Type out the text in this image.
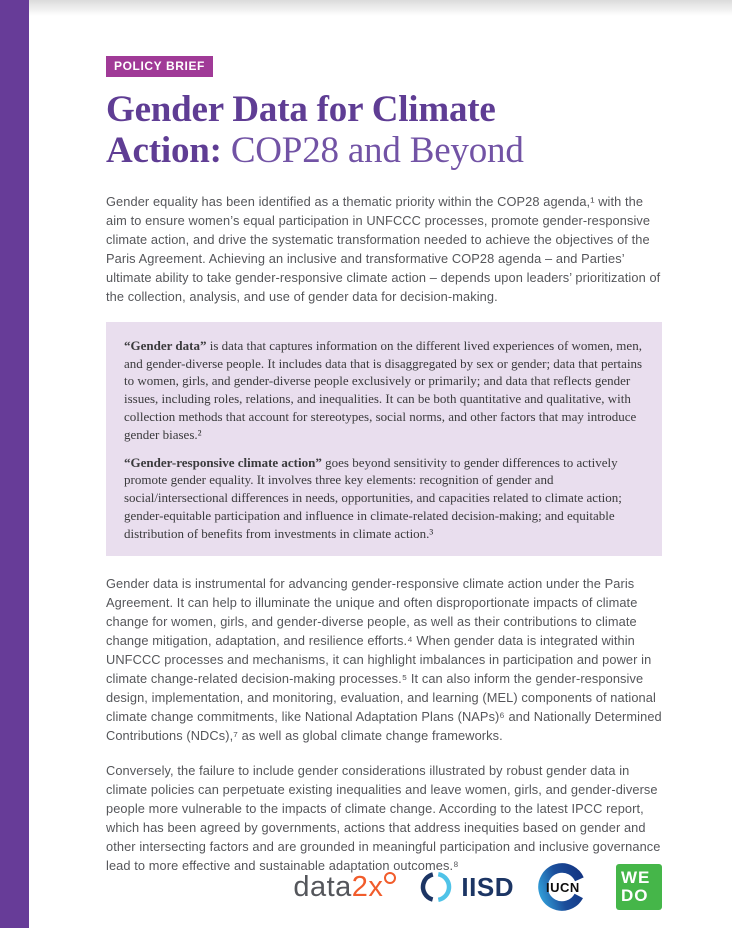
POLICY BRIEF
Gender Data for Climate
Action: COP28 and Beyond

Gender equality has been identified as a thematic priority within the COP28 agenda,¹ with the aim to ensure women’s equal participation in UNFCCC processes, promote gender-responsive climate action, and drive the systematic transformation needed to achieve the objectives of the Paris Agreement. Achieving an inclusive and transformative COP28 agenda – and Parties’ ultimate ability to take gender-responsive climate action – depends upon leaders’ prioritization of the collection, analysis, and use of gender data for decision-making.

“Gender data” is data that captures information on the different lived experiences of women, men, and gender-diverse people. It includes data that is disaggregated by sex or gender; data that pertains to women, girls, and gender-diverse people exclusively or primarily; and data that reflects gender issues, including roles, relations, and inequalities. It can be both quantitative and qualitative, with collection methods that account for stereotypes, social norms, and other factors that may introduce gender biases.²

“Gender-responsive climate action” goes beyond sensitivity to gender differences to actively promote gender equality. It involves three key elements: recognition of gender and social/intersectional differences in needs, opportunities, and capacities related to climate action; gender-equitable participation and influence in climate-related decision-making; and equitable distribution of benefits from investments in climate action.³

Gender data is instrumental for advancing gender-responsive climate action under the Paris Agreement. It can help to illuminate the unique and often disproportionate impacts of climate change for women, girls, and gender-diverse people, as well as their contributions to climate change mitigation, adaptation, and resilience efforts.⁴ When gender data is integrated within UNFCCC processes and mechanisms, it can highlight imbalances in participation and power in climate change-related decision-making processes.⁵ It can also inform the gender-responsive design, implementation, and monitoring, evaluation, and learning (MEL) components of national climate change commitments, like National Adaptation Plans (NAPs)⁶ and Nationally Determined Contributions (NDCs),⁷ as well as global climate change frameworks.

Conversely, the failure to include gender considerations illustrated by robust gender data in climate policies can perpetuate existing inequalities and leave women, girls, and gender-diverse people more vulnerable to the impacts of climate change. According to the latest IPCC report, which has been agreed by governments, actions that address inequities based on gender and other intersecting factors and are grounded in meaningful participation and inclusive governance lead to more effective and sustainable adaptation outcomes.⁸

data 2x	IISD IUCN
WE
DO
